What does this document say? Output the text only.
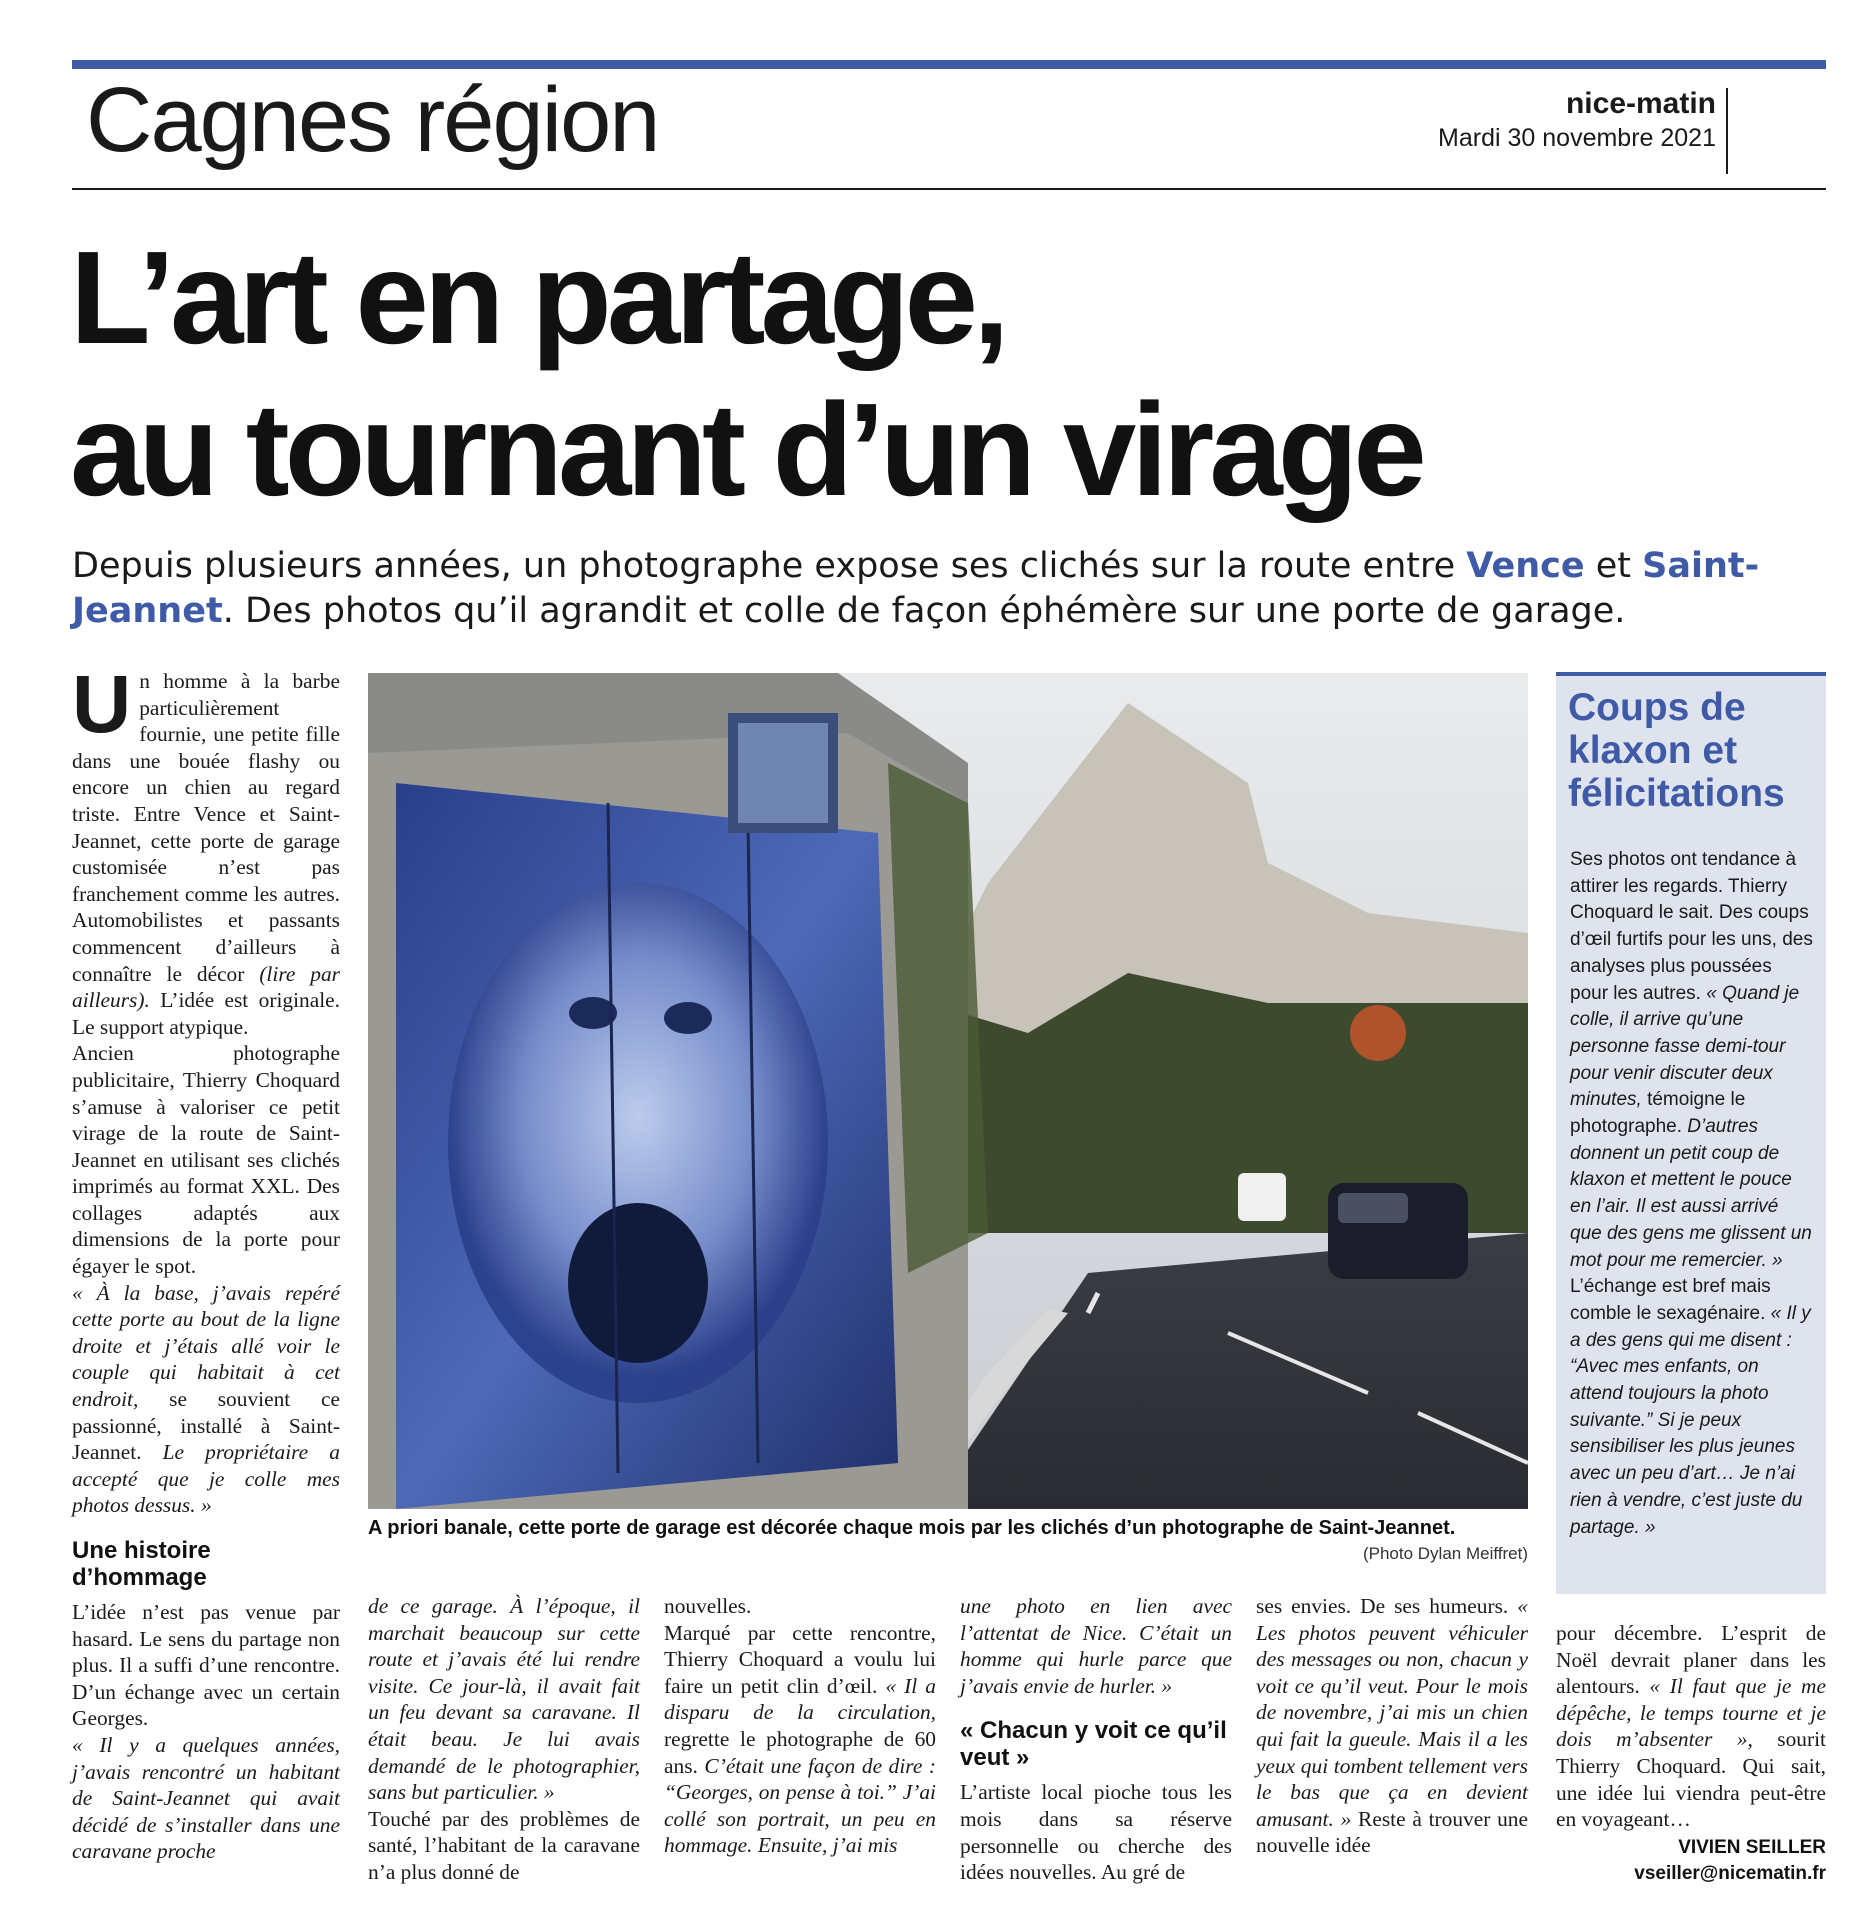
Cagnes région	nice-matin
Mardi 30 novembre 2021
L’art en partage,
au tournant d’un virage
Depuis plusieurs années, un photographe expose ses clichés sur la route entre Vence et Saint-Jeannet. Des photos qu’il agrandit et colle de façon éphémère sur une porte de garage.

Un homme à la barbe particulièrement fournie, une petite fille dans une bouée flashy ou encore un chien au regard triste. Entre Vence et Saint-Jeannet, cette porte de garage customisée n’est pas franchement comme les autres. Automobilistes et passants commencent d’ailleurs à connaître le décor (lire par ailleurs). L’idée est originale. Le support atypique.

Ancien photographe publicitaire, Thierry Choquard s’amuse à valoriser ce petit virage de la route de Saint-Jeannet en utilisant ses clichés imprimés au format XXL. Des collages adaptés aux dimensions de la porte pour égayer le spot.

« À la base, j’avais repéré cette porte au bout de la ligne droite et j’étais allé voir le couple qui habitait à cet endroit, se souvient ce passionné, installé à Saint-Jeannet. Le propriétaire a accepté que je colle mes photos dessus. »

Une histoire d’hommage

L’idée n’est pas venue par hasard. Le sens du partage non plus. Il a suffi d’une rencontre. D’un échange avec un certain Georges.

« Il y a quelques années, j’avais rencontré un habitant de Saint-Jeannet qui avait décidé de s’installer dans une caravane proche

A priori banale, cette porte de garage est décorée chaque mois par les clichés d’un photographe de Saint-Jeannet.
(Photo Dylan Meiffret)
Coups de klaxon et félicitations
Ses photos ont tendance à attirer les regards. Thierry Choquard le sait. Des coups d’œil furtifs pour les uns, des analyses plus poussées pour les autres. « Quand je colle, il arrive qu’une personne fasse demi-tour pour venir discuter deux minutes, témoigne le photographe. D’autres donnent un petit coup de klaxon et mettent le pouce en l’air. Il est aussi arrivé que des gens me glissent un mot pour me remercier. » L’échange est bref mais comble le sexagénaire. « Il y a des gens qui me disent : “Avec mes enfants, on attend toujours la photo suivante.” Si je peux sensibiliser les plus jeunes avec un peu d’art… Je n’ai rien à vendre, c’est juste du partage. »

de ce garage. À l’époque, il marchait beaucoup sur cette route et j’avais été lui rendre visite. Ce jour-là, il avait fait un feu devant sa caravane. Il était beau. Je lui avais demandé de le photographier, sans but particulier. »

Touché par des problèmes de santé, l’habitant de la caravane n’a plus donné de

nouvelles.

Marqué par cette rencontre, Thierry Choquard a voulu lui faire un petit clin d’œil. « Il a disparu de la circulation, regrette le photographe de 60 ans. C’était une façon de dire : “Georges, on pense à toi.” J’ai collé son portrait, un peu en hommage. Ensuite, j’ai mis

une photo en lien avec l’attentat de Nice. C’était un homme qui hurle parce que j’avais envie de hurler. »

« Chacun y voit ce qu’il veut »

L’artiste local pioche tous les mois dans sa réserve personnelle ou cherche des idées nouvelles. Au gré de

ses envies. De ses humeurs. « Les photos peuvent véhiculer des messages ou non, chacun y voit ce qu’il veut. Pour le mois de novembre, j’ai mis un chien qui fait la gueule. Mais il a les yeux qui tombent tellement vers le bas que ça en devient amusant. » Reste à trouver une nouvelle idée

pour décembre. L’esprit de Noël devrait planer dans les alentours. « Il faut que je me dépêche, le temps tourne et je dois m’absenter », sourit Thierry Choquard. Qui sait, une idée lui viendra peut-être en voyageant…

VIVIEN SEILLER
vseiller@nicematin.fr
